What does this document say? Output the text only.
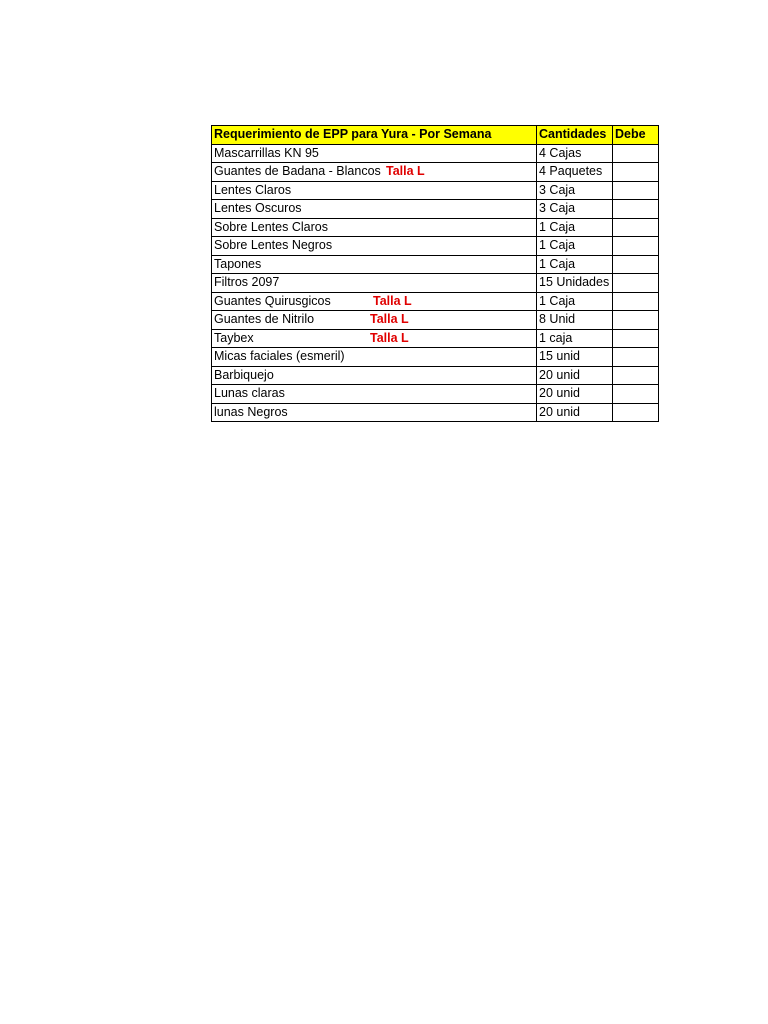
Requerimiento de EPP para Yura - Por Semana	Cantidades	Debe

Mascarrillas KN 95	4 Cajas	

Guantes de Badana - Blancos Talla L	4 Paquetes	

Lentes Claros	3 Caja	

Lentes Oscuros	3 Caja	

Sobre Lentes Claros	1 Caja	

Sobre Lentes Negros	1 Caja	

Tapones	1 Caja	

Filtros 2097	15 Unidades	

Guantes Quirusgicos Talla L	1 Caja	

Guantes de Nitrilo Talla L	8 Unid	

Taybex Talla L	1 caja	

Micas faciales (esmeril)	15 unid	

Barbiquejo	20 unid	

Lunas claras	20 unid	

lunas Negros	20 unid	
